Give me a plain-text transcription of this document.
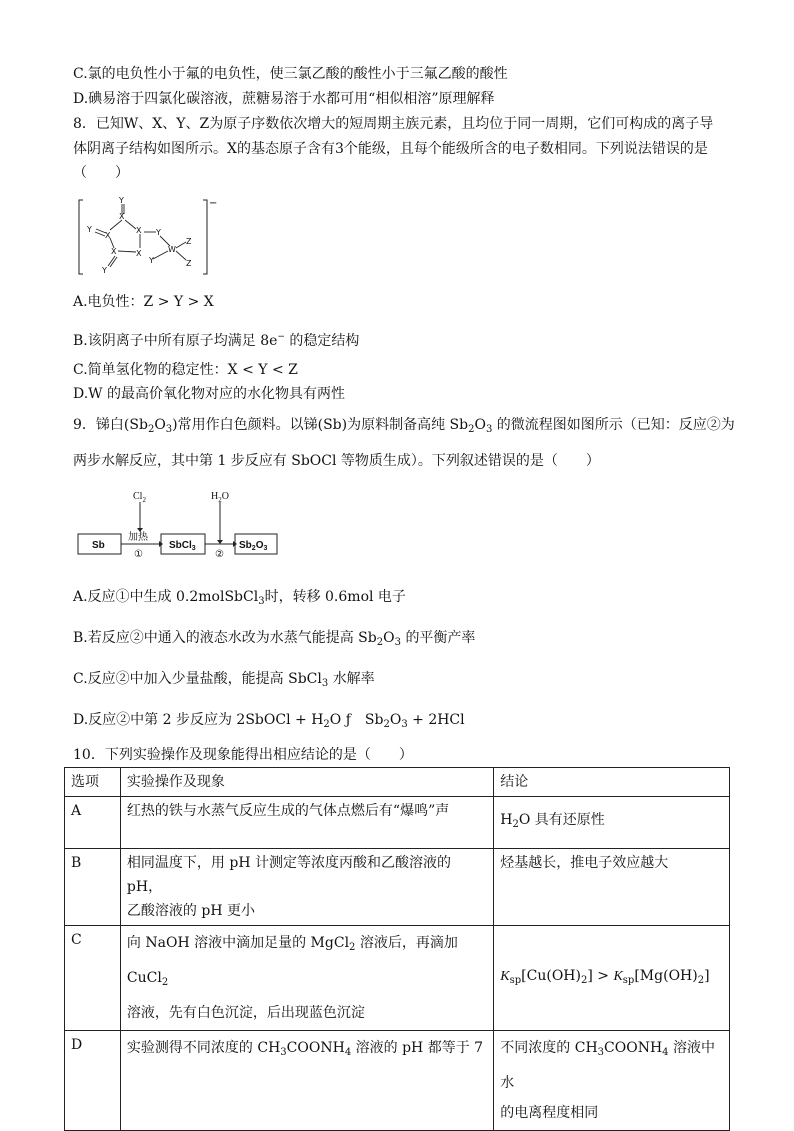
C.氯的电负性小于氟的电负性，使三氯乙酸的酸性小于三氟乙酸的酸性
D.碘易溶于四氯化碳溶液，蔗糖易溶于水都可用“相似相溶”原理解释
8．已知W、X、Y、Z为原子序数依次增大的短周期主族元素，且均位于同一周期，它们可构成的离子导
体阴离子结构如图所示。X的基态原子含有3个能级，且每个能级所含的电子数相同。下列说法错误的是
（　　）
−
Y
X
Y
X
X Y
X X
Y
W
Y
Z
Z
A.电负性：Z > Y > X
B.该阴离子中所有原子均满足 8e− 的稳定结构
C.简单氢化物的稳定性：X < Y < Z
D.W 的最高价氧化物对应的水化物具有两性
9．锑白$(Sb_2O_3)$常用作白色颜料。以锑(Sb)为原料制备高纯 $Sb_2O_3$ 的微流程图如图所示（已知：反应②为
两步水解反应，其中第 1 步反应有 SbOCl 等物质生成）。下列叙述错误的是（　　）
$Cl_2$	$H_2O$
加热
①	②
Sb	SbCl$_3$	$Sb_2O_3$
A.反应①中生成 0.2molSbCl$_3$时，转移 0.6mol 电子
B.若反应②中通入的液态水改为水蒸气能提高 $Sb_2O_3$ 的平衡产率
C.反应②中加入少量盐酸，能提高 SbCl$_3$ 水解率
D.反应②中第 2 步反应为 2SbOCl + $H_2O$ ƒ　$Sb_2O_3 + 2HCl$
10．下列实验操作及现象能得出相应结论的是（　　）
选项	实验操作及现象	结论
A	红热的铁与水蒸气反应生成的气体点燃后有“爆鸣”声	$H_2O$ 具有还原性
B	相同温度下，用 pH 计测定等浓度丙酸和乙酸溶液的 pH，
乙酸溶液的 pH 更小	烃基越长，推电子效应越大
C	向 NaOH 溶液中滴加足量的 MgCl$_2$ 溶液后，再滴加 CuCl$_2$
溶液，先有白色沉淀，后出现蓝色沉淀	$K_{sp}[Cu(OH)_2] > K_{sp}[Mg(OH)_2]$
D	实验测得不同浓度的 $CH_3COONH_4$ 溶液的 pH 都等于 7	不同浓度的 $CH_3COONH_4$ 溶液中水
的电离程度相同
